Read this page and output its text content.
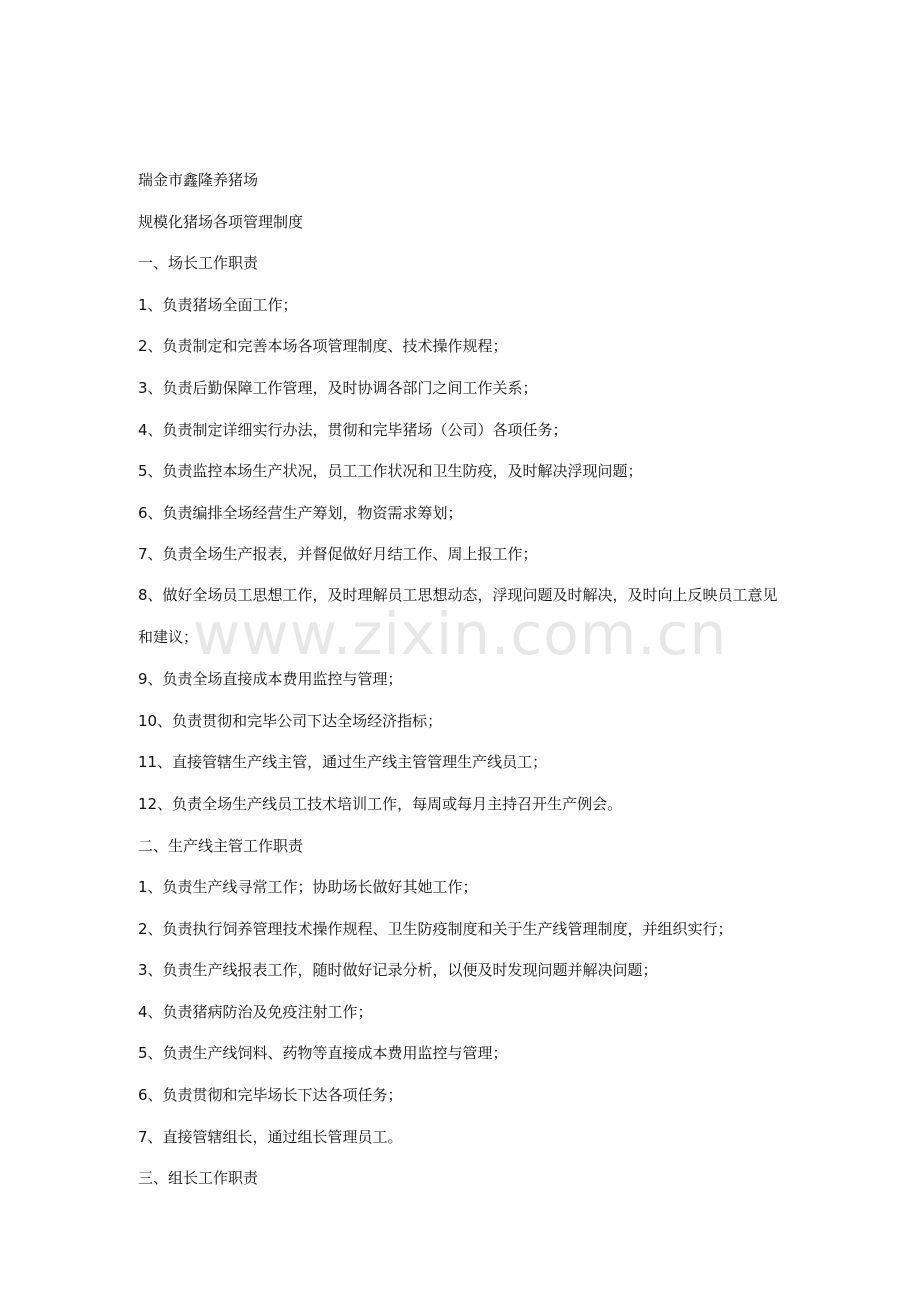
瑞金市鑫隆养猪场
规模化猪场各项管理制度
一、场长工作职责
1、负责猪场全面工作；
2、负责制定和完善本场各项管理制度、技术操作规程；
3、负责后勤保障工作管理，及时协调各部门之间工作关系；
4、负责制定详细实行办法，贯彻和完毕猪场（公司）各项任务；
5、负责监控本场生产状况，员工工作状况和卫生防疫，及时解决浮现问题；
6、负责编排全场经营生产筹划，物资需求筹划；
7、负责全场生产报表，并督促做好月结工作、周上报工作；
8、做好全场员工思想工作，及时理解员工思想动态，浮现问题及时解决，及时向上反映员工意见和建议；
9、负责全场直接成本费用监控与管理；
10、负责贯彻和完毕公司下达全场经济指标；
11、直接管辖生产线主管，通过生产线主管管理生产线员工；
12、负责全场生产线员工技术培训工作，每周或每月主持召开生产例会。
二、生产线主管工作职责
1、负责生产线寻常工作；协助场长做好其她工作；
2、负责执行饲养管理技术操作规程、卫生防疫制度和关于生产线管理制度，并组织实行；
3、负责生产线报表工作，随时做好记录分析，以便及时发现问题并解决问题；
4、负责猪病防治及免疫注射工作；
5、负责生产线饲料、药物等直接成本费用监控与管理；
6、负责贯彻和完毕场长下达各项任务；
7、直接管辖组长，通过组长管理员工。
三、组长工作职责
www.zixin.com.cn
